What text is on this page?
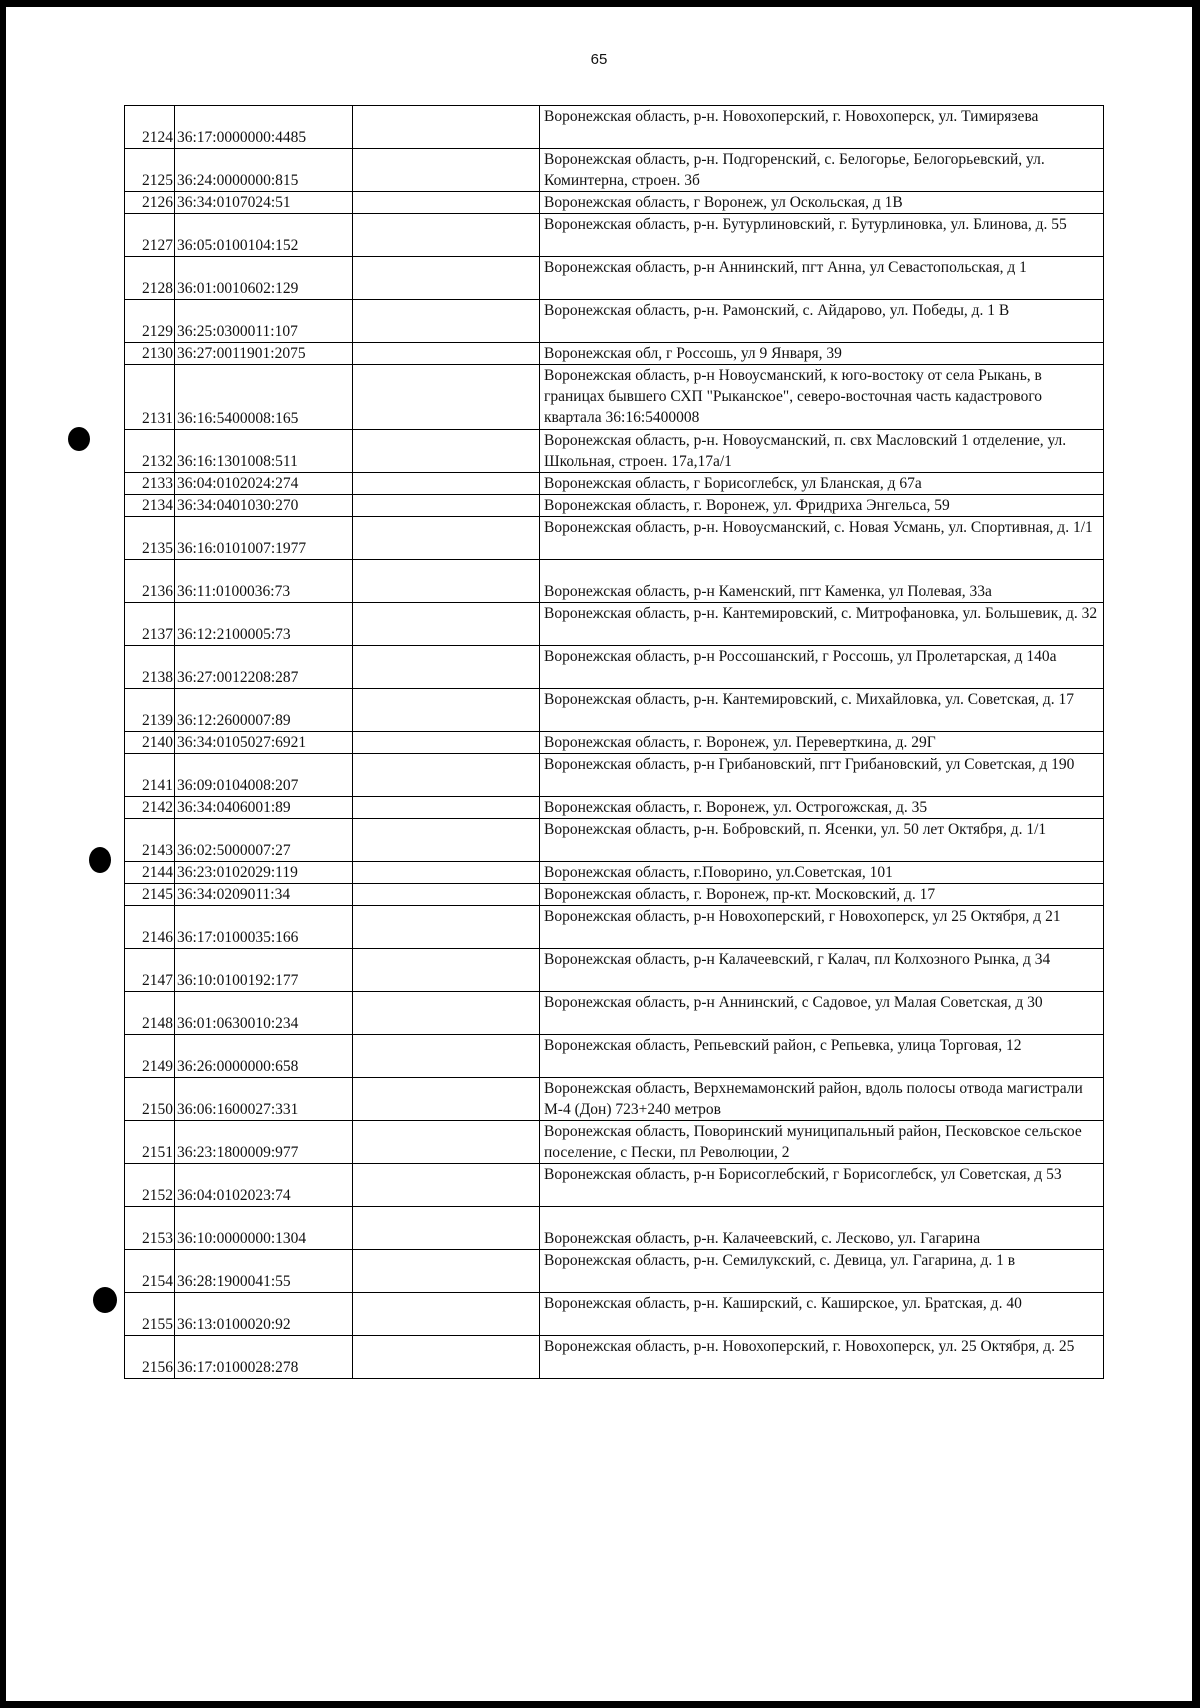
65
2124	36:17:0000000:4485		Воронежская область, р-н. Новохоперский, г. Новохоперск, ул. Тимирязева
2125	36:24:0000000:815		Воронежская область, р-н. Подгоренский, с. Белогорье, Белогорьевский, ул. Коминтерна, строен. 3б
2126	36:34:0107024:51		Воронежская область, г Воронеж, ул Оскольская, д 1В
2127	36:05:0100104:152		Воронежская область, р-н. Бутурлиновский, г. Бутурлиновка, ул. Блинова, д. 55
2128	36:01:0010602:129		Воронежская область, р-н Аннинский, пгт Анна, ул Севастопольская, д 1
2129	36:25:0300011:107		Воронежская область, р-н. Рамонский, с. Айдарово, ул. Победы, д. 1 В
2130	36:27:0011901:2075		Воронежская обл, г Россошь, ул 9 Января, 39
2131	36:16:5400008:165		Воронежская область, р-н Новоусманский, к юго-востоку от села Рыкань, в границах бывшего СХП "Рыканское", северо-восточная часть кадастрового квартала 36:16:5400008
2132	36:16:1301008:511		Воронежская область, р-н. Новоусманский, п. свх Масловский 1 отделение, ул. Школьная, строен. 17а,17а/1
2133	36:04:0102024:274		Воронежская область, г Борисоглебск, ул Бланская, д 67а
2134	36:34:0401030:270		Воронежская область, г. Воронеж, ул. Фридриха Энгельса, 59
2135	36:16:0101007:1977		Воронежская область, р-н. Новоусманский, с. Новая Усмань, ул. Спортивная, д. 1/1
2136	36:11:0100036:73		Воронежская область, р-н Каменский, пгт Каменка, ул Полевая, 33а
2137	36:12:2100005:73		Воронежская область, р-н. Кантемировский, с. Митрофановка, ул. Большевик, д. 32
2138	36:27:0012208:287		Воронежская область, р-н Россошанский, г Россошь, ул Пролетарская, д 140а
2139	36:12:2600007:89		Воронежская область, р-н. Кантемировский, с. Михайловка, ул. Советская, д. 17
2140	36:34:0105027:6921		Воронежская область, г. Воронеж, ул. Переверткина, д. 29Г
2141	36:09:0104008:207		Воронежская область, р-н Грибановский, пгт Грибановский, ул Советская, д 190
2142	36:34:0406001:89		Воронежская область, г. Воронеж, ул. Острогожская, д. 35
2143	36:02:5000007:27		Воронежская область, р-н. Бобровский, п. Ясенки, ул. 50 лет Октября, д. 1/1
2144	36:23:0102029:119		Воронежская область, г.Поворино, ул.Советская, 101
2145	36:34:0209011:34		Воронежская область, г. Воронеж, пр-кт. Московский, д. 17
2146	36:17:0100035:166		Воронежская область, р-н Новохоперский, г Новохоперск, ул 25 Октября, д 21
2147	36:10:0100192:177		Воронежская область, р-н Калачеевский, г Калач, пл Колхозного Рынка, д 34
2148	36:01:0630010:234		Воронежская область, р-н Аннинский, с Садовое, ул Малая Советская, д 30
2149	36:26:0000000:658		Воронежская область, Репьевский район, с Репьевка, улица Торговая, 12
2150	36:06:1600027:331		Воронежская область, Верхнемамонский район, вдоль полосы отвода магистрали М-4 (Дон) 723+240 метров
2151	36:23:1800009:977		Воронежская область, Поворинский муниципальный район, Песковское сельское поселение, с Пески, пл Революции, 2
2152	36:04:0102023:74		Воронежская область, р-н Борисоглебский, г Борисоглебск, ул Советская, д 53
2153	36:10:0000000:1304		Воронежская область, р-н. Калачеевский, с. Лесково, ул. Гагарина
2154	36:28:1900041:55		Воронежская область, р-н. Семилукский, с. Девица, ул. Гагарина, д. 1 в
2155	36:13:0100020:92		Воронежская область, р-н. Каширский, с. Каширское, ул. Братская, д. 40
2156	36:17:0100028:278		Воронежская область, р-н. Новохоперский, г. Новохоперск, ул. 25 Октября, д. 25
